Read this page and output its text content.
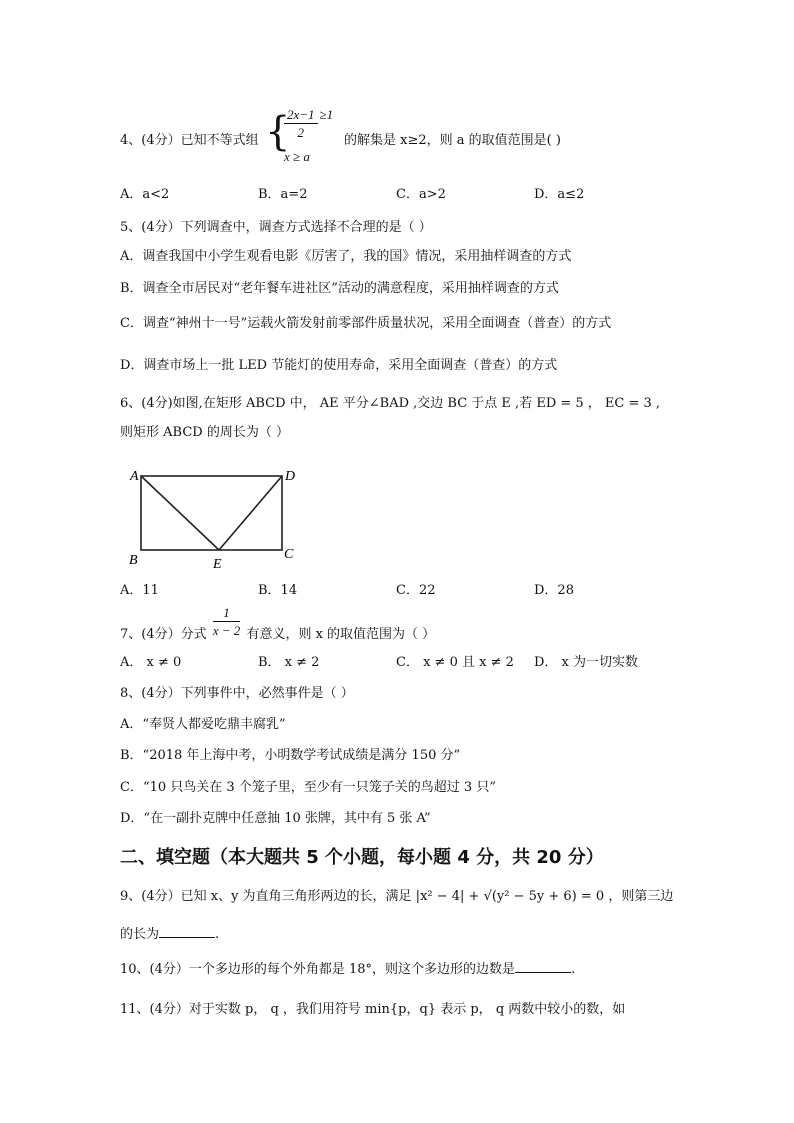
4、(4分）已知不等式组 {
$\frac{2x-1}{2} \ge 1$
x ≥ a
的解集是 x≥2，则 a 的取值范围是( )
A．a<2	B．a=2	C．a>2	D．a≤2
5、(4分）下列调查中，调查方式选择不合理的是（ ）
A．调查我国中小学生观看电影《厉害了，我的国》情况，采用抽样调查的方式
B．调查全市居民对“老年餐车进社区”活动的满意程度，采用抽样调查的方式
C．调查“神州十一号”运载火箭发射前零部件质量状况，采用全面调查（普查）的方式
D．调查市场上一批 LED 节能灯的使用寿命，采用全面调查（普查）的方式
6、(4分)如图,在矩形 ABCD 中， AE 平分∠BAD ,交边 BC 于点 E ,若 ED = 5 ， EC = 3 ,
则矩形 ABCD 的周长为（ ）
A	D
B	C
E
A．11	B．14	C．22	D．28
7、(4分）分式 $\frac{1}{x - 2}$ 有意义，则 x 的取值范围为（ ）
A． x ≠ 0	B． x ≠ 2	C． x ≠ 0 且 x ≠ 2 D． x 为一切实数
8、(4分）下列事件中，必然事件是（ ）
A．“奉贤人都爱吃鼎丰腐乳”
B．“2018 年上海中考，小明数学考试成绩是满分 150 分”
C．“10 只鸟关在 3 个笼子里，至少有一只笼子关的鸟超过 3 只”
D．“在一副扑克牌中任意抽 10 张牌，其中有 5 张 A”
二、填空题（本大题共 5 个小题，每小题 4 分，共 20 分）
9、(4分）已知 x、y 为直角三角形两边的长，满足 |x² − 4| + √(y² − 5y + 6) = 0 ，则第三边
的长为	.
10、(4分）一个多边形的每个外角都是 18°，则这个多边形的边数是	.
11、(4分）对于实数 p， q ，我们用符号 min{p，q} 表示 p， q 两数中较小的数，如
